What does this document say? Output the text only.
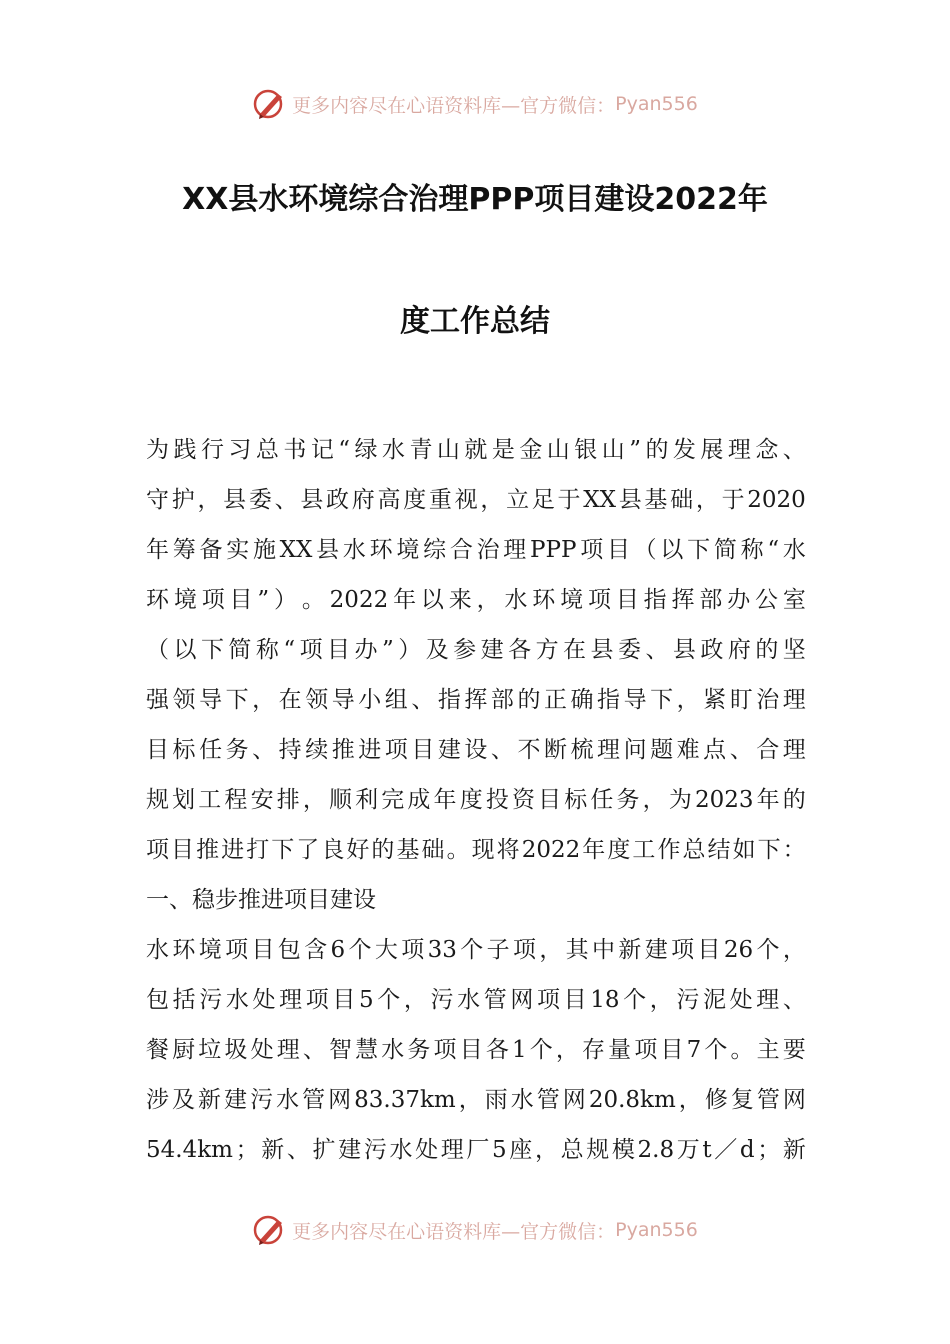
更多内容尽在心语资料库—官方微信： Pyan556
XX县水环境综合治理PPP项目建设2022年
度工作总结
为 践 行 习 总 书 记 “ 绿 水 青 山 就 是 金 山 银 山 ” 的 发 展 理 念 、
守 护 ， 县 委 、 县 政 府 高 度 重 视 ， 立 足 于 XX 县 基 础 ， 于 2020
年 筹 备 实 施 XX 县 水 环 境 综 合 治 理 PPP 项 目 （ 以 下 简 称 “ 水
环 境 项 目 ” ） 。 2022 年 以 来 ， 水 环 境 项 目 指 挥 部 办 公 室
（ 以 下 简 称 “ 项 目 办 ” ） 及 参 建 各 方 在 县 委 、 县 政 府 的 坚
强 领 导 下 ， 在 领 导 小 组 、 指 挥 部 的 正 确 指 导 下 ， 紧 盯 治 理
目 标 任 务 、 持 续 推 进 项 目 建 设 、 不 断 梳 理 问 题 难 点 、 合 理
规 划 工 程 安 排 ， 顺 利 完 成 年 度 投 资 目 标 任 务 ， 为 2023 年 的
项 目 推 进 打 下 了 良 好 的 基 础 。 现 将 2022 年 度 工 作 总 结 如 下 ：
一、稳步推进项目建设
水 环 境 项 目 包 含 6 个 大 项 33 个 子 项 ， 其 中 新 建 项 目 26 个 ，
包 括 污 水 处 理 项 目 5 个 ， 污 水 管 网 项 目 18 个 ， 污 泥 处 理 、
餐 厨 垃 圾 处 理 、 智 慧 水 务 项 目 各 1 个 ， 存 量 项 目 7 个 。 主 要
涉 及 新 建 污 水 管 网 83.37km ， 雨 水 管 网 20.8km ， 修 复 管 网
54.4km ； 新 、 扩 建 污 水 处 理 厂 5 座 ， 总 规 模 2.8 万 t ／ d ； 新
更多内容尽在心语资料库—官方微信： Pyan556
